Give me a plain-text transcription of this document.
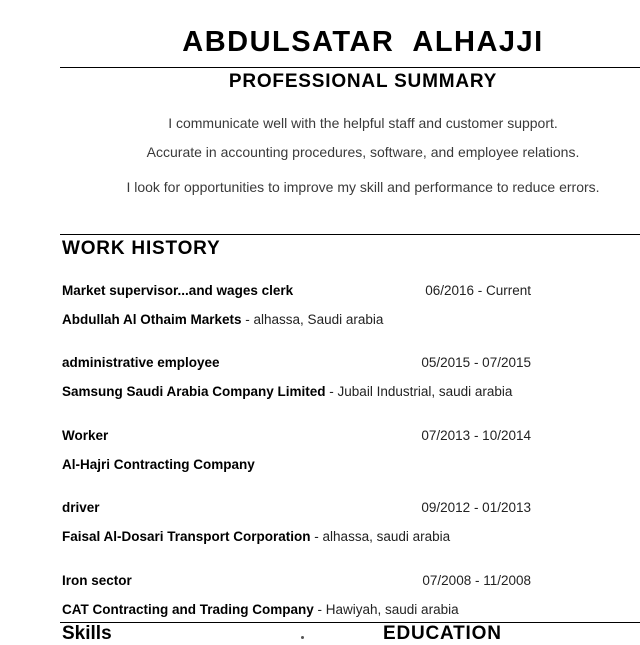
ABDULSATAR  ALHAJJI
PROFESSIONAL SUMMARY
I communicate well with the helpful staff and customer support.
Accurate in accounting procedures, software, and employee relations.
I look for opportunities to improve my skill and performance to reduce errors.
WORK HISTORY
Market supervisor...and wages clerk	06/2016 - Current
Abdullah Al Othaim Markets - alhassa, Saudi arabia
administrative employee	05/2015 - 07/2015
Samsung Saudi Arabia Company Limited - Jubail Industrial, saudi arabia
Worker	07/2013 - 10/2014
Al-Hajri Contracting Company
driver	09/2012 - 01/2013
Faisal Al-Dosari Transport Corporation - alhassa, saudi arabia
Iron sector	07/2008 - 11/2008
CAT Contracting and Trading Company - Hawiyah, saudi arabia
Skills	EDUCATION
